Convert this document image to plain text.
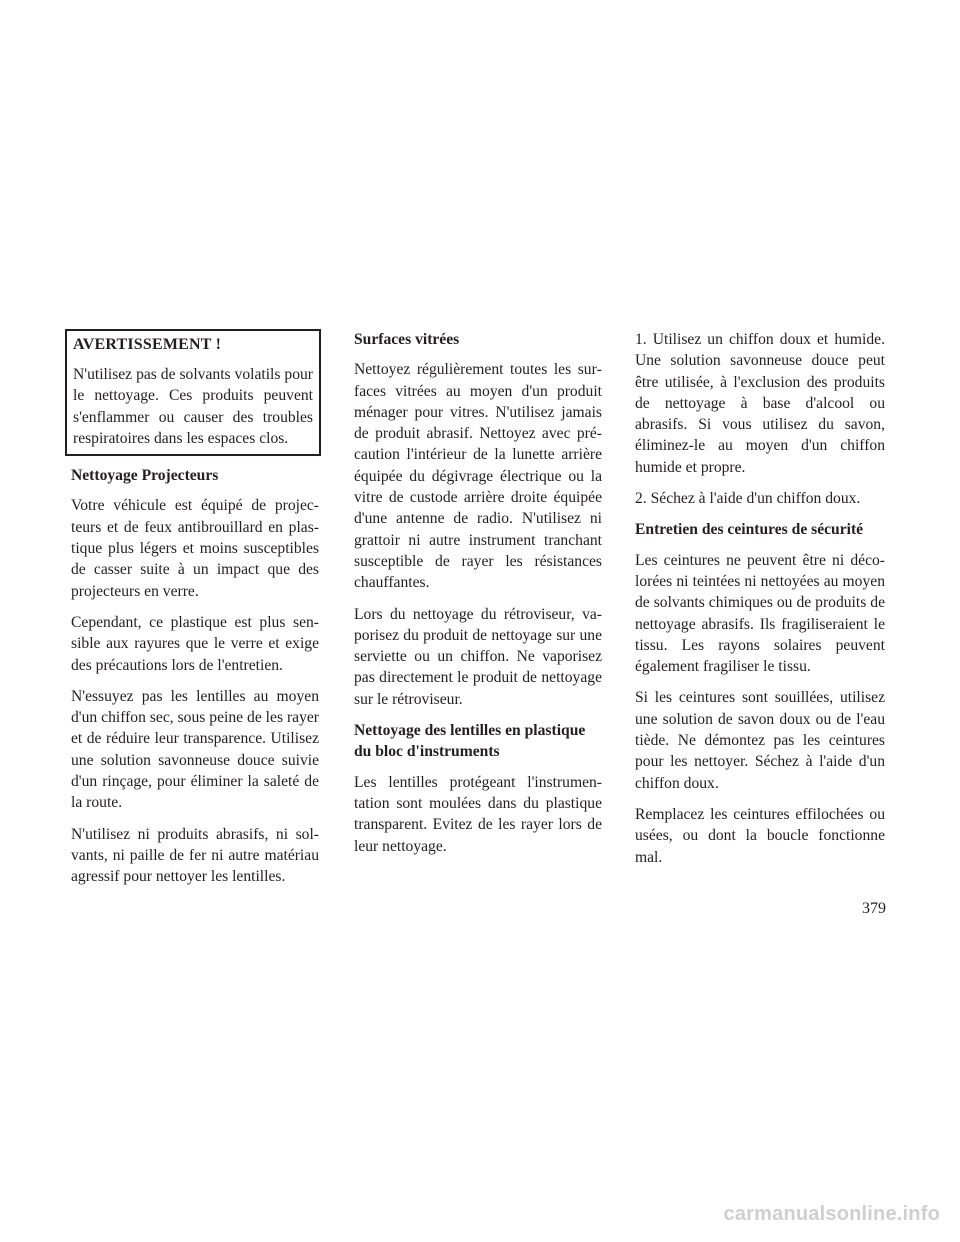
AVERTISSEMENT !

N'utilisez pas de solvants volatils pour le nettoyage. Ces produits peuvent s'enflammer ou causer des troubles respiratoires dans les espaces clos.

Nettoyage Projecteurs

Votre véhicule est équipé de projecteurs et de feux antibrouillard en plastique plus légers et moins susceptibles de casser suite à un impact que des projecteurs en verre.

Cependant, ce plastique est plus sensible aux rayures que le verre et exige des précautions lors de l'entretien.

N'essuyez pas les lentilles au moyen d'un chiffon sec, sous peine de les rayer et de réduire leur transparence. Utilisez une solution savonneuse douce suivie d'un rinçage, pour éliminer la saleté de la route.

N'utilisez ni produits abrasifs, ni solvants, ni paille de fer ni autre matériau agressif pour nettoyer les lentilles.

Surfaces vitrées

Nettoyez régulièrement toutes les surfaces vitrées au moyen d'un produit ménager pour vitres. N'utilisez jamais de produit abrasif. Nettoyez avec précaution l'intérieur de la lunette arrière équipée du dégivrage électrique ou la vitre de custode arrière droite équipée d'une antenne de radio. N'utilisez ni grattoir ni autre instrument tranchant susceptible de rayer les résistances chauffantes.

Lors du nettoyage du rétroviseur, vaporisez du produit de nettoyage sur une serviette ou un chiffon. Ne vaporisez pas directement le produit de nettoyage sur le rétroviseur.

Nettoyage des lentilles en plastique du bloc d'instruments

Les lentilles protégeant l'instrumentation sont moulées dans du plastique transparent. Evitez de les rayer lors de leur nettoyage.

1. Utilisez un chiffon doux et humide. Une solution savonneuse douce peut être utilisée, à l'exclusion des produits de nettoyage à base d'alcool ou abrasifs. Si vous utilisez du savon, éliminez-le au moyen d'un chiffon humide et propre.

2. Séchez à l'aide d'un chiffon doux.

Entretien des ceintures de sécurité

Les ceintures ne peuvent être ni décolorées ni teintées ni nettoyées au moyen de solvants chimiques ou de produits de nettoyage abrasifs. Ils fragiliseraient le tissu. Les rayons solaires peuvent également fragiliser le tissu.

Si les ceintures sont souillées, utilisez une solution de savon doux ou de l'eau tiède. Ne démontez pas les ceintures pour les nettoyer. Séchez à l'aide d'un chiffon doux.

Remplacez les ceintures effilochées ou usées, ou dont la boucle fonctionne mal.

379
carmanualsonline.info
